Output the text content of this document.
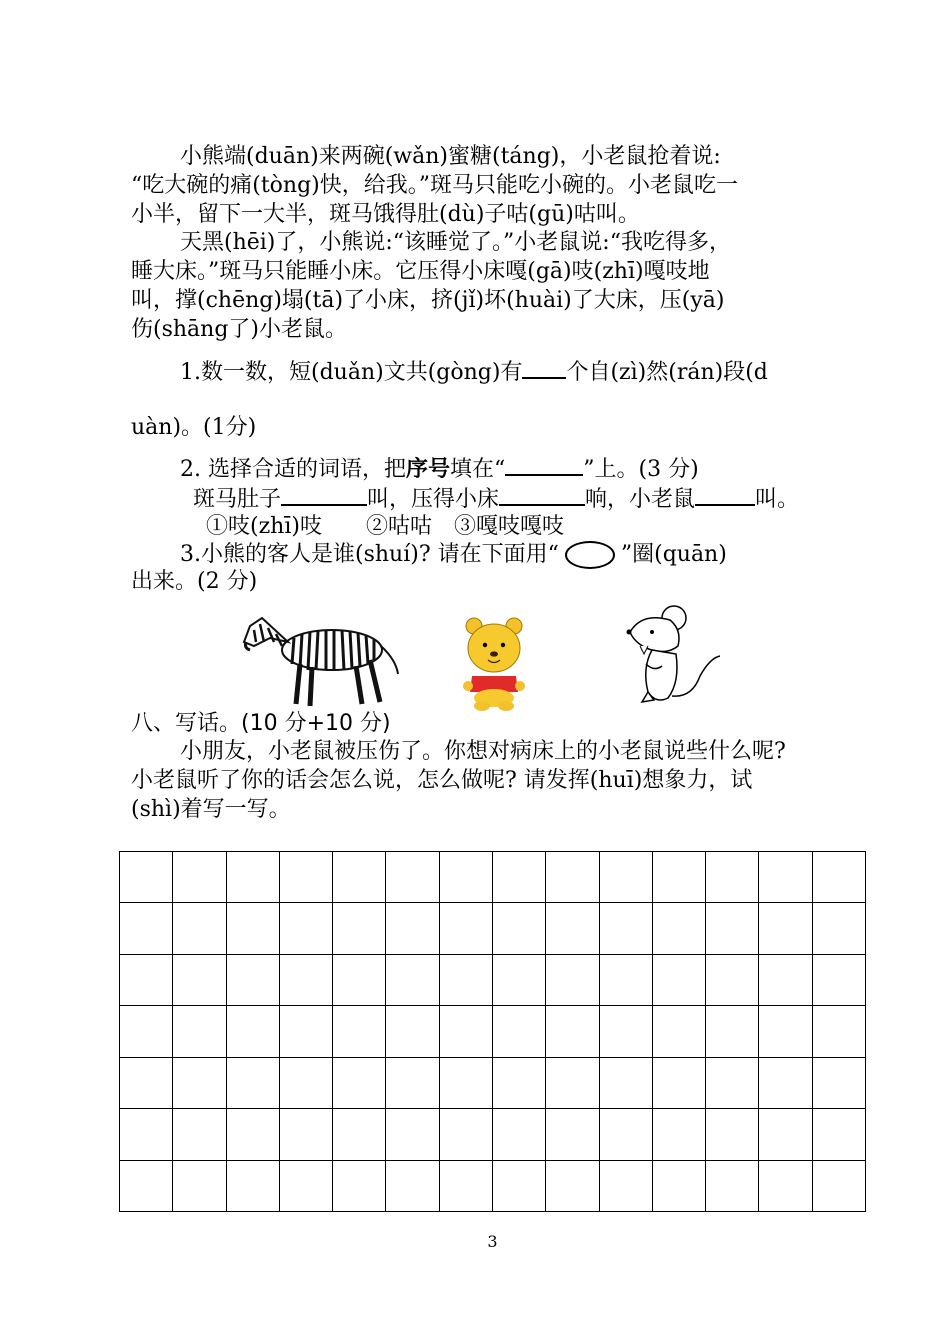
小熊端(duān)来两碗(wǎn)蜜糖(táng)，小老鼠抢着说:
“吃大碗的痛(tòng)快，给我。”斑马只能吃小碗的。小老鼠吃一
小半，留下一大半，斑马饿得肚(dù)子咕(gū)咕叫。
天黑(hēi)了，小熊说:“该睡觉了。”小老鼠说:“我吃得多，
睡大床。”斑马只能睡小床。它压得小床嘎(gā)吱(zhī)嘎吱地
叫，撑(chēng)塌(tā)了小床，挤(jǐ)坏(huài)了大床，压(yā)
伤(shāng了)小老鼠。
1.数一数，短(duǎn)文共(gòng)有 个自(zì)然(rán)段(d
uàn)。(1分)
2. 选择合适的词语，把序号填在“	”上。(3 分)
斑马肚子	叫，压得小床	响，小老鼠	叫。
①吱(zhī)吱　　②咕咕　③嘎吱嘎吱
3.小熊的客人是谁(shuí)? 请在下面用“	”圈(quān)
出来。(2 分)
八、写话。(10 分+10 分)
小朋友，小老鼠被压伤了。你想对病床上的小老鼠说些什么呢?
小老鼠听了你的话会怎么说，怎么做呢? 请发挥(huī)想象力，试
(shì)着写一写。

3
